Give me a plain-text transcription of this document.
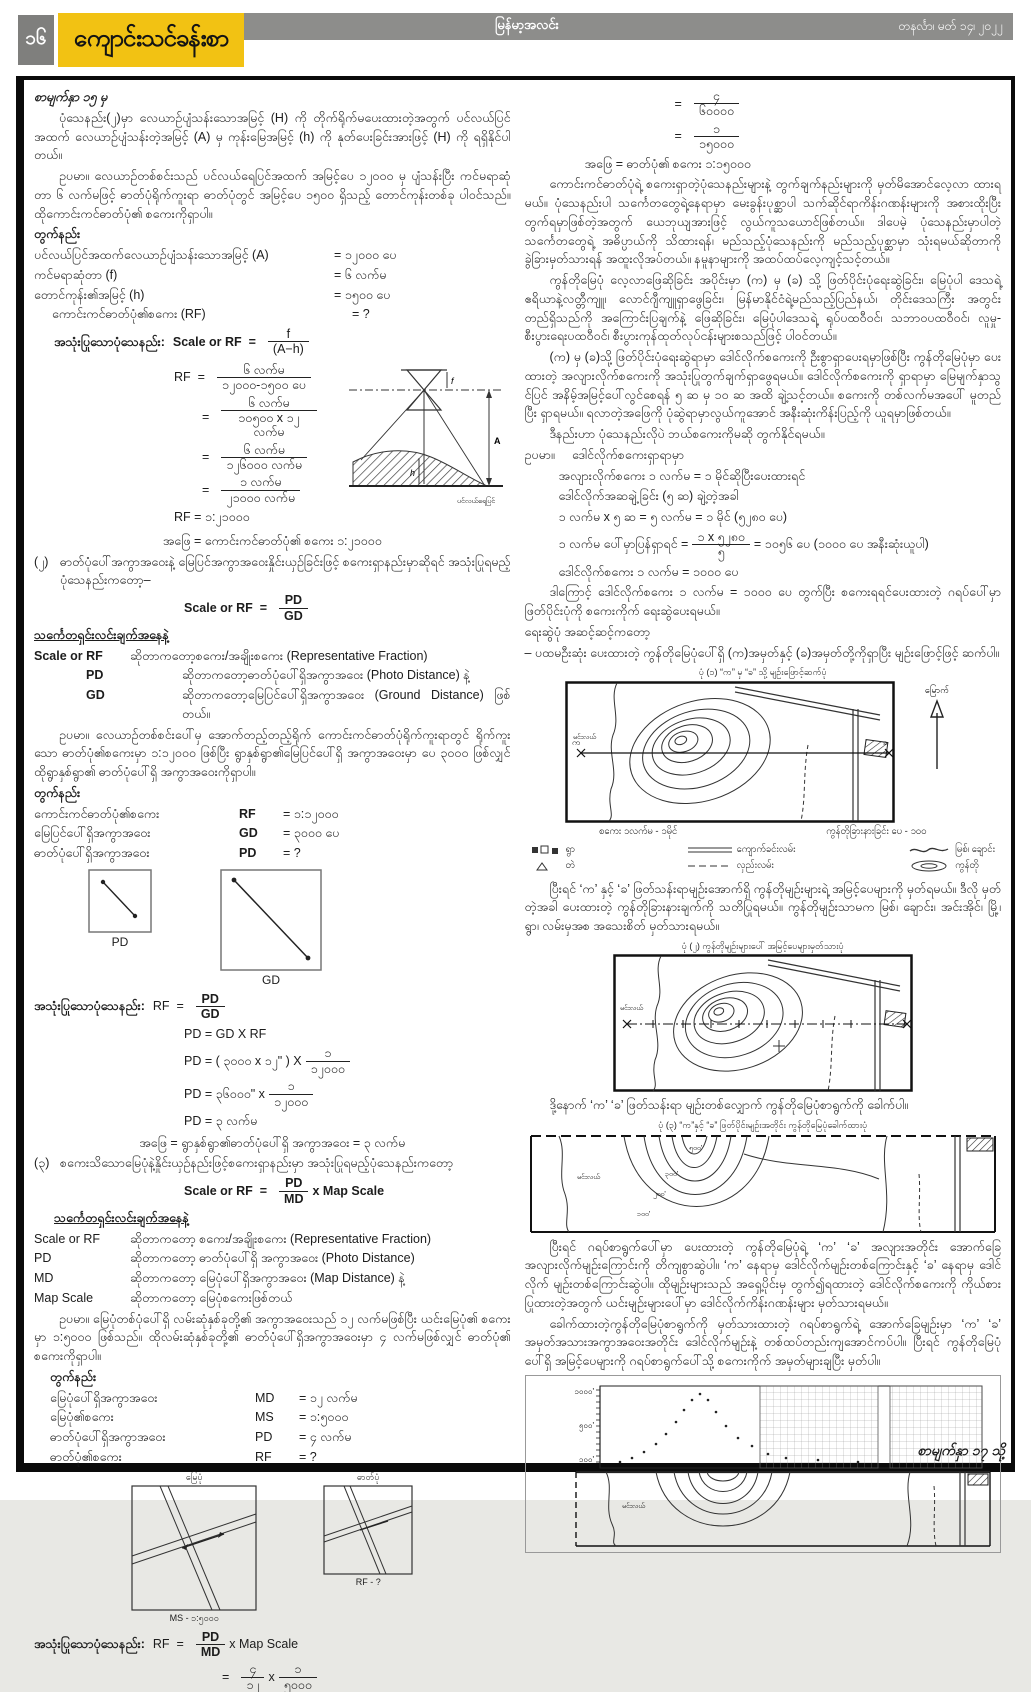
မြန်မာ့အလင်း	တနင်္လာ၊ မတ် ၁၄၊ ၂၀၂၂
၁၆	ကျောင်းသင်ခန်းစာ

စာမျက်နှာ ၁၅ မှ

ပုံသေနည်း(၂)မှာ လေယာဉ်ပျံသန်းသောအမြင့် (H) ကို တိုက်ရိုက်မပေးထားတဲ့အတွက် ပင်လယ်ပြင်အထက် လေယာဉ်ပျံသန်းတဲ့အမြင့် (A) မှ ကုန်းမြေအမြင့် (h) ကို နုတ်ပေးခြင်းအားဖြင့် (H) ကို ရရှိနိုင်ပါတယ်။

ဥပမာ။ လေယာဉ်တစ်စင်းသည် ပင်လယ်ရေပြင်အထက် အမြင့်ပေ ၁၂၀၀၀ မှ ပျံသန်းပြီး ကင်မရာဆုံတာ ၆ လက်မဖြင့် ဓာတ်ပုံရိုက်ကူးရာ ဓာတ်ပုံတွင် အမြင့်ပေ ၁၅၀၀ ရှိသည့် တောင်ကုန်းတစ်ခု ပါဝင်သည်။ ထိုကောင်းကင်ဓာတ်ပုံ၏ စကေးကိုရှာပါ။

တွက်နည်း

ပင်လယ်ပြင်အထက်လေယာဉ်ပျံသန်းသောအမြင့် (A)	= ၁၂၀၀၀ ပေ
ကင်မရာဆုံတာ (f)	= ၆ လက်မ
တောင်ကုန်း၏အမြင့် (h)	= ၁၅၀၀ ပေ
ကောင်းကင်ဓာတ်ပုံ၏စကေး (RF)	= ?
အသုံးပြုသောပုံသေနည်း: Scale or RF  = $\frac{f}{(A-h)}$
RF  = $\frac{\text{၆ လက်မ}}{\text{၁၂၀၀၀-၁၅၀၀ ပေ}}$
= $\frac{\text{၆ လက်မ}}{\text{၁၀၅၀၀ x ၁၂ လက်မ}}$
= $\frac{\text{၆ လက်မ}}{\text{၁၂၆၀၀၀ လက်မ}}$
= $\frac{\text{၁ လက်မ}}{\text{၂၁၀၀၀ လက်မ}}$
RF = ၁:၂၁၀၀၀
f
A
h
ပင်လယ်ရေပြင်

အဖြေ = ကောင်းကင်ဓာတ်ပုံ၏ စကေး ၁:၂၁၀၀၀

(၂) ဓာတ်ပုံပေါ်အကွာအဝေးနဲ့ မြေပြင်အကွာအဝေးနှိုင်းယှဉ်ခြင်းဖြင့် စကေးရှာနည်းမှာဆိုရင် အသုံးပြုရမည့် ပုံသေနည်းကတော့–
Scale or RF  = $\frac{PD}{GD}$

သင်္ကေတရှင်းလင်းချက်အနေနဲ့

Scale or RF	ဆိုတာကတော့စကေး/အချိုးစကေး (Representative Fraction)
PD	ဆိုတာကတော့ဓာတ်ပုံပေါ်ရှိအကွာအဝေး (Photo Distance) နဲ့
GD	ဆိုတာကတော့မြေပြင်ပေါ်ရှိအကွာအဝေး (Ground Distance) ဖြစ်တယ်။

ဥပမာ။ လေယာဉ်တစ်စင်းပေါ်မှ အောက်တည့်တည့်ရိုက် ကောင်းကင်ဓာတ်ပုံရိုက်ကူးရာတွင် ရိုက်ကူးသော ဓာတ်ပုံ၏စကေးမှာ ၁:၁၂၀၀၀ ဖြစ်ပြီး ရွာနှစ်ရွာ၏မြေပြင်ပေါ်ရှိ အကွာအဝေးမှာ ပေ ၃၀၀၀ ဖြစ်လျှင် ထိုရွာနှစ်ရွာ၏ ဓာတ်ပုံပေါ်ရှိ အကွာအဝေးကိုရှာပါ။

တွက်နည်း

ကောင်းကင်ဓာတ်ပုံ၏စကေး	RF	= ၁:၁၂၀၀၀
မြေပြင်ပေါ်ရှိအကွာအဝေး	GD	= ၃၀၀၀ ပေ
ဓာတ်ပုံပေါ်ရှိအကွာအဝေး	PD	= ?
PD
GD
အသုံးပြုသောပုံသေနည်း: RF  = $\frac{PD}{GD}$
PD = GD X RF
PD = ( ၃၀၀၀ x ၁၂" ) X $\frac{၁}{၁၂၀၀၀}$
PD = ၃၆၀၀၀" x $\frac{၁}{၁၂၀၀၀}$
PD = ၃ လက်မ

အဖြေ = ရွာနှစ်ရွာ၏ဓာတ်ပုံပေါ်ရှိ အကွာအဝေး = ၃ လက်မ

(၃) စကေးသိသောမြေပုံနဲ့နှိုင်းယှဉ်နည်းဖြင့်စကေးရှာနည်းမှာ အသုံးပြုရမည့်ပုံသေနည်းကတော့
Scale or RF  = $\frac{PD}{MD}$ x Map Scale

သင်္ကေတရှင်းလင်းချက်အနေနဲ့

Scale or RF	ဆိုတာကတော့ စကေး/အချိုးစကေး (Representative Fraction)
PD	ဆိုတာကတော့ ဓာတ်ပုံပေါ်ရှိ အကွာအဝေး (Photo Distance)
MD	ဆိုတာကတော့ မြေပုံပေါ်ရှိအကွာအဝေး (Map Distance) နဲ့
Map Scale	ဆိုတာကတော့ မြေပုံစကေးဖြစ်တယ်

ဥပမာ။ မြေပုံတစ်ပုံပေါ်ရှိ လမ်းဆုံနှစ်ခုတို့၏ အကွာအဝေးသည် ၁၂ လက်မဖြစ်ပြီး ယင်းမြေပုံ၏ စကေးမှာ ၁:၅၀၀၀ ဖြစ်သည်။ ထိုလမ်းဆုံနှစ်ခုတို့၏ ဓာတ်ပုံပေါ်ရှိအကွာအဝေးမှာ ၄ လက်မဖြစ်လျှင် ဓာတ်ပုံ၏ စကေးကိုရှာပါ။

တွက်နည်း

မြေပုံပေါ်ရှိအကွာအဝေး	MD	= ၁၂ လက်မ
မြေပုံ၏စကေး	MS	= ၁:၅၀၀၀
ဓာတ်ပုံပေါ်ရှိအကွာအဝေး	PD	= ၄ လက်မ
ဓာတ်ပုံ၏စကေး	RF	= ?
မြေပုံ
MS - ၁:၅၀၀၀
ဓာတ်ပုံ
RF - ?
အသုံးပြုသောပုံသေနည်း: RF  = $\frac{PD}{MD}$ x Map Scale
= $\frac{၄}{၁၂}$ x $\frac{၁}{၅၀၀၀}$
= $\frac{၄}{၆၀၀၀၀}$
= $\frac{၁}{၁၅၀၀၀}$

အဖြေ = ဓာတ်ပုံ၏ စကေး ၁:၁၅၀၀၀

ကောင်းကင်ဓာတ်ပုံရဲ့ စကေးရှာတဲ့ပုံသေနည်းများနဲ့ တွက်ချက်နည်းများကို မှတ်မိအောင်လေ့လာ ထားရမယ်။ ပုံသေနည်းပါ သင်္ကေတတွေရဲ့နေရာမှာ မေးခွန်းပုစ္ဆာပါ သက်ဆိုင်ရာကိန်းဂဏန်းများကို အစားထိုးပြီး တွက်ရမှာဖြစ်တဲ့အတွက် ယေဘုယျအားဖြင့် လွယ်ကူသယောင်ဖြစ်တယ်။ ဒါပေမဲ့ ပုံသေနည်းမှာပါတဲ့ သင်္ကေတတွေရဲ့ အဓိပ္ပာယ်ကို သိထားရန်၊ မည်သည့်ပုံသေနည်းကို မည်သည့်ပုစ္ဆာမှာ သုံးရမယ်ဆိုတာကို ခွဲခြားမှတ်သားရန် အထူးလိုအပ်တယ်။ နမူနာများကို အထပ်ထပ်လေ့ကျင့်သင့်တယ်။

ကွန်တိုမြေပုံ လေ့လာဖြေဆိုခြင်း အပိုင်းမှာ (က) မှ (ခ) သို့ ဖြတ်ပိုင်းပုံရေးဆွဲခြင်း၊ မြေပုံပါ ဒေသရဲ့ ဧရိယာနဲ့လတ္တီကျူ၊ လောင်ဂျီကျူရှာဖွေခြင်း၊ မြန်မာနိုင်ငံရဲ့မည်သည့်ပြည်နယ်၊ တိုင်းဒေသကြီး အတွင်းတည်ရှိသည်ကို အကြောင်းပြချက်နဲ့ ဖြေဆိုခြင်း၊ မြေပုံပါဒေသရဲ့ ရုပ်ပထဝီဝင်၊ သဘာဝပထဝီဝင်၊ လူမှု-စီးပွားရေးပထဝီဝင်၊ စီးပွားကုန်ထုတ်လုပ်ငန်းများစသည်ဖြင့် ပါဝင်တယ်။

(က) မှ (ခ)သို့ ဖြတ်ပိုင်းပုံရေးဆွဲရာမှာ ဒေါင်လိုက်စကေးကို ဦးစွာရှာပေးရမှာဖြစ်ပြီး ကွန်တိုမြေပုံမှာ ပေးထားတဲ့ အလျားလိုက်စကေးကို အသုံးပြုတွက်ချက်ရှာဖွေရမယ်။ ဒေါင်လိုက်စကေးကို ရှာရာမှာ မြေမျက်နှာသွင်ပြင် အနိမ့်အမြင့်ပေါ်လွင်စေရန် ၅ ဆ မှ ၁၀ ဆ အထိ ချဲ့သင့်တယ်။ စကေးကို တစ်လက်မအပေါ် မူတည်ပြီး ရှာရမယ်။ ရလာတဲ့အဖြေကို ပုံဆွဲရာမှာလွယ်ကူအောင် အနီးဆုံးကိန်းပြည့်ကို ယူရမှာဖြစ်တယ်။

ဒီနည်းဟာ ပုံသေနည်းလိုပဲ ဘယ်စကေးကိုမဆို တွက်နိုင်ရမယ်။

ဥပမာ။ ဒေါင်လိုက်စကေးရှာရာမှာ

အလျားလိုက်စကေး ၁ လက်မ = ၁ မိုင်ဆိုပြီးပေးထားရင်

ဒေါင်လိုက်အဆချဲ့ခြင်း (၅ ဆ) ချဲ့တဲ့အခါ

၁ လက်မ x ၅ ဆ = ၅ လက်မ = ၁ မိုင် (၅၂၈၀ ပေ)

၁ လက်မ ပေါ်မှာပြန်ရှာရင် = $\frac{၁ x ၅၂၈၀}{၅}$ = ၁၀၅၆ ပေ (၁၀၀၀ ပေ အနီးဆုံးယူပါ)

ဒေါင်လိုက်စကေး ၁ လက်မ = ၁၀၀၀ ပေ

ဒါကြောင့် ဒေါင်လိုက်စကေး ၁ လက်မ = ၁၀၀၀ ပေ တွက်ပြီး စကေးရရင်ပေးထားတဲ့ ဂရပ်ပေါ်မှာ ဖြတ်ပိုင်းပုံကို စကေးကိုက် ရေးဆွဲပေးရမယ်။

ရေးဆွဲပုံ အဆင့်ဆင့်ကတော့

– ပထမဦးဆုံး ပေးထားတဲ့ ကွန်တိုမြေပုံပေါ်ရှိ (က)အမှတ်နှင့် (ခ)အမှတ်တို့ကိုရှာပြီး မျဉ်းဖြောင့်ဖြင့် ဆက်ပါ။

ပုံ (၁) “က” မှ “ခ” သို့ မျဉ်းဖြောင့်ဆက်ပုံ
မင်းလယ်
က	ခ
မြောက်
စကေး ၁လက်မ - ၁မိုင်	ကွန်တိုခြားနားခြင်း ပေ - ၁၀၀
ရွာ
တဲ
ကျောက်ခင်းလမ်း
လှည်းလမ်း
မြစ်၊ ချောင်း
ကွန်တို

ပြီးရင် ‘က’ နှင့် ‘ခ’ ဖြတ်သန်းရာမျဉ်းအောက်ရှိ ကွန်တိုမျဉ်းများရဲ့ အမြင့်ပေများကို မှတ်ရမယ်။ ဒီလို မှတ်တဲ့အခါ ပေးထားတဲ့ ကွန်တိုခြားနားချက်ကို သတိပြုရမယ်။ ကွန်တိုမျဉ်းသာမက မြစ်၊ ချောင်း၊ အင်းအိုင်၊ မြို့၊ ရွာ၊ လမ်းမှအစ အသေးစိတ် မှတ်သားရမယ်။

ပုံ (၂) ကွန်တိုမျဉ်းများပေါ် အမြင့်ပေများမှတ်သားပုံ
မင်းလယ်

ဒို့နောက် ‘က’ ‘ခ’ ဖြတ်သန်းရာ မျဉ်းတစ်လျှောက် ကွန်တိုမြေပုံစာရွက်ကို ခေါက်ပါ။

ပုံ (၃) “က”နှင့် “ခ” ဖြတ်ပိုင်းမျဉ်းအတိုင်း ကွန်တိုမြေပုံခေါက်ထားပုံ
မင်းလယ်
၅၀၀'
၃၀၀'
၂၀၀'
၁၀၀'

ပြီးရင် ဂရပ်စာရွက်ပေါ်မှာ ပေးထားတဲ့ ကွန်တိုမြေပုံရဲ့ ‘က’ ‘ခ’ အလျားအတိုင်း အောက်ခြေအလျားလိုက်မျဉ်းကြောင်းကို တိကျစွာဆွဲပါ။ ‘က’ နေရာမှ ဒေါင်လိုက်မျဉ်းတစ်ကြောင်းနှင့် ‘ခ’ နေရာမှ ဒေါင်လိုက် မျဉ်းတစ်ကြောင်းဆွဲပါ။ ထိုမျဉ်းများသည် အရှေ့ပိုင်းမှ တွက်၍ရထားတဲ့ ဒေါင်လိုက်စကေးကို ကိုယ်စားပြုထားတဲ့အတွက် ယင်းမျဉ်းများပေါ်မှာ ဒေါင်လိုက်ကိန်းဂဏန်းများ မှတ်သားရမယ်။

ခေါက်ထားတဲ့ကွန်တိုမြေပုံစာရွက်ကို မှတ်သားထားတဲ့ ဂရပ်စာရွက်ရဲ့ အောက်ခြေမျဉ်းမှာ ‘က’ ‘ခ’ အမှတ်အသားအကွာအဝေးအတိုင်း ဒေါင်လိုက်မျဉ်းနဲ့ တစ်ထပ်တည်းကျအောင်ကပ်ပါ။ ပြီးရင် ကွန်တိုမြေပုံပေါ်ရှိ အမြင့်ပေများကို ဂရပ်စာရွက်ပေါ်သို့ စကေးကိုက် အမှတ်များချပြီး မှတ်ပါ။

၁၀၀၀'
၅၀၀'
၁၀၀'
မင်းလယ်
စာမျက်နှာ ၁၇ သို့
